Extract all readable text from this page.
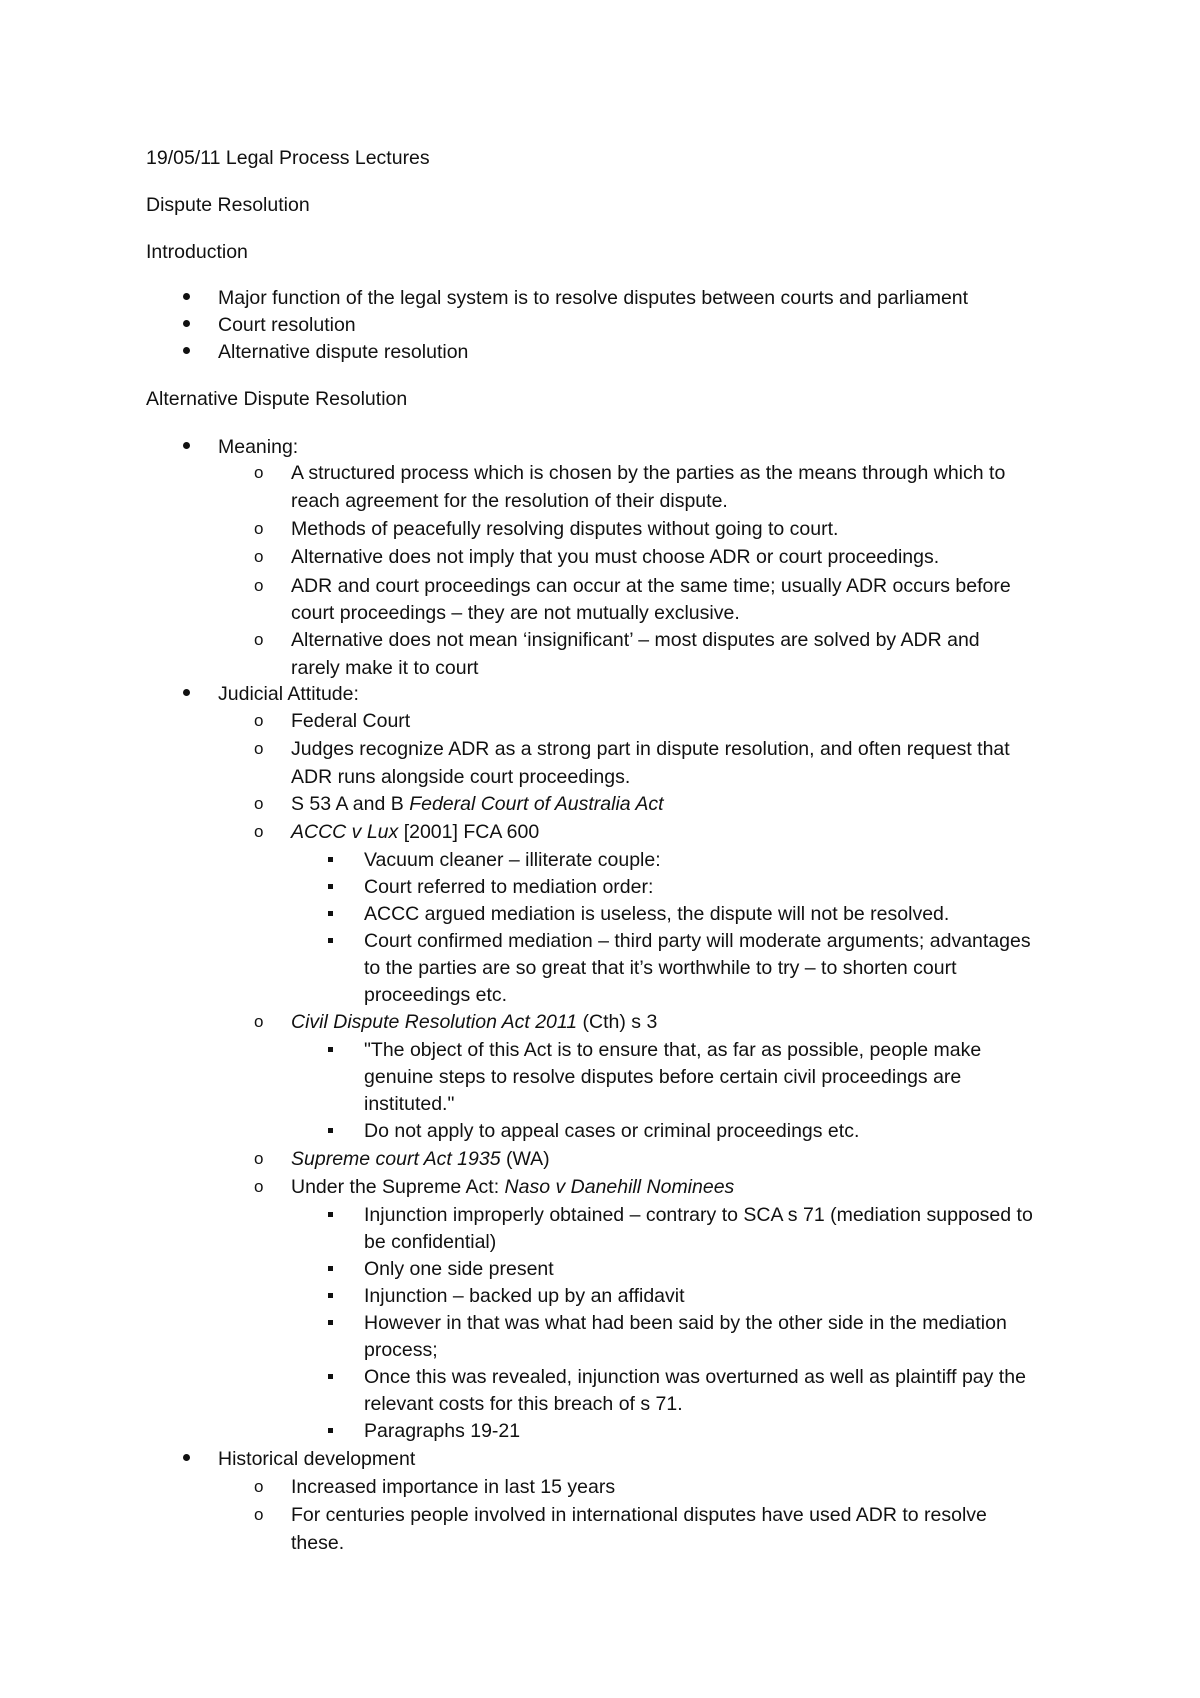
19/05/11 Legal Process Lectures
Dispute Resolution
Introduction
Major function of the legal system is to resolve disputes between courts and parliament
Court resolution
Alternative dispute resolution
Alternative Dispute Resolution
Meaning:
o A structured process which is chosen by the parties as the means through which to
reach agreement for the resolution of their dispute.
o Methods of peacefully resolving disputes without going to court.
o Alternative does not imply that you must choose ADR or court proceedings.
o ADR and court proceedings can occur at the same time; usually ADR occurs before
court proceedings – they are not mutually exclusive.
o Alternative does not mean ‘insignificant’ – most disputes are solved by ADR and
rarely make it to court
Judicial Attitude:
o Federal Court
o Judges recognize ADR as a strong part in dispute resolution, and often request that
ADR runs alongside court proceedings.
o S 53 A and B Federal Court of Australia Act
o ACCC v Lux [2001] FCA 600
Vacuum cleaner – illiterate couple:
Court referred to mediation order:
ACCC argued mediation is useless, the dispute will not be resolved.
Court confirmed mediation – third party will moderate arguments; advantages
to the parties are so great that it’s worthwhile to try – to shorten court
proceedings etc.
o Civil Dispute Resolution Act 2011 (Cth) s 3
"The object of this Act is to ensure that, as far as possible, people make
genuine steps to resolve disputes before certain civil proceedings are
instituted."
Do not apply to appeal cases or criminal proceedings etc.
o Supreme court Act 1935 (WA)
o Under the Supreme Act: Naso v Danehill Nominees
Injunction improperly obtained – contrary to SCA s 71 (mediation supposed to
be confidential)
Only one side present
Injunction – backed up by an affidavit
However in that was what had been said by the other side in the mediation
process;
Once this was revealed, injunction was overturned as well as plaintiff pay the
relevant costs for this breach of s 71.
Paragraphs 19-21
Historical development
o Increased importance in last 15 years
o For centuries people involved in international disputes have used ADR to resolve
these.
